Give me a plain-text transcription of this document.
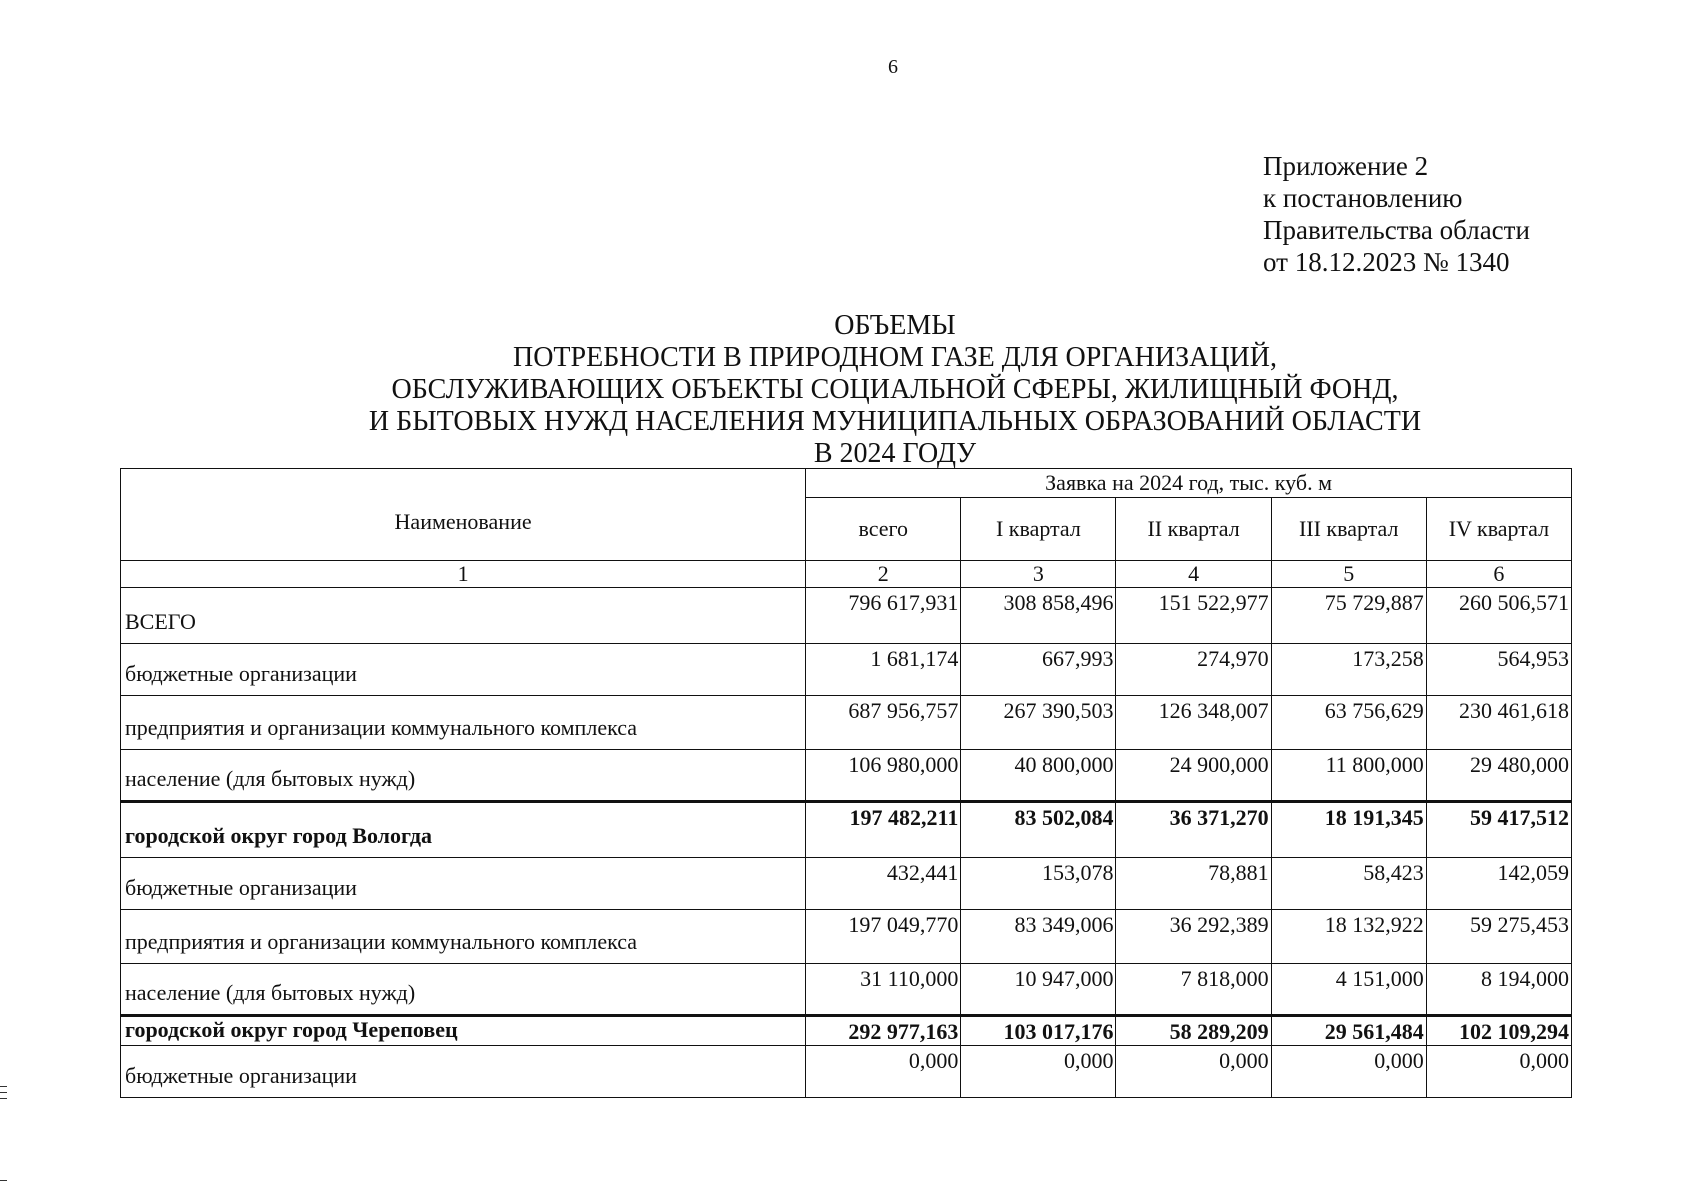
6
Приложение 2
к постановлению
Правительства области
от 18.12.2023 № 1340
ОБЪЕМЫ
ПОТРЕБНОСТИ В ПРИРОДНОМ ГАЗЕ ДЛЯ ОРГАНИЗАЦИЙ,
ОБСЛУЖИВАЮЩИХ ОБЪЕКТЫ СОЦИАЛЬНОЙ СФЕРЫ, ЖИЛИЩНЫЙ ФОНД,
И БЫТОВЫХ НУЖД НАСЕЛЕНИЯ МУНИЦИПАЛЬНЫХ ОБРАЗОВАНИЙ ОБЛАСТИ
В 2024 ГОДУ
Наименование	Заявка на 2024 год, тыс. куб. м				
	всего	I квартал	II квартал	III квартал	IV квартал
1	2	3	4	5	6
ВСЕГО	796 617,931	308 858,496	151 522,977	75 729,887	260 506,571
бюджетные организации	1 681,174	667,993	274,970	173,258	564,953
предприятия и организации коммунального комплекса	687 956,757	267 390,503	126 348,007	63 756,629	230 461,618
население (для бытовых нужд)	106 980,000	40 800,000	24 900,000	11 800,000	29 480,000
городской округ город Вологда	197 482,211	83 502,084	36 371,270	18 191,345	59 417,512
бюджетные организации	432,441	153,078	78,881	58,423	142,059
предприятия и организации коммунального комплекса	197 049,770	83 349,006	36 292,389	18 132,922	59 275,453
население (для бытовых нужд)	31 110,000	10 947,000	7 818,000	4 151,000	8 194,000
городской округ город Череповец	292 977,163	103 017,176	58 289,209	29 561,484	102 109,294
бюджетные организации	0,000	0,000	0,000	0,000	0,000
